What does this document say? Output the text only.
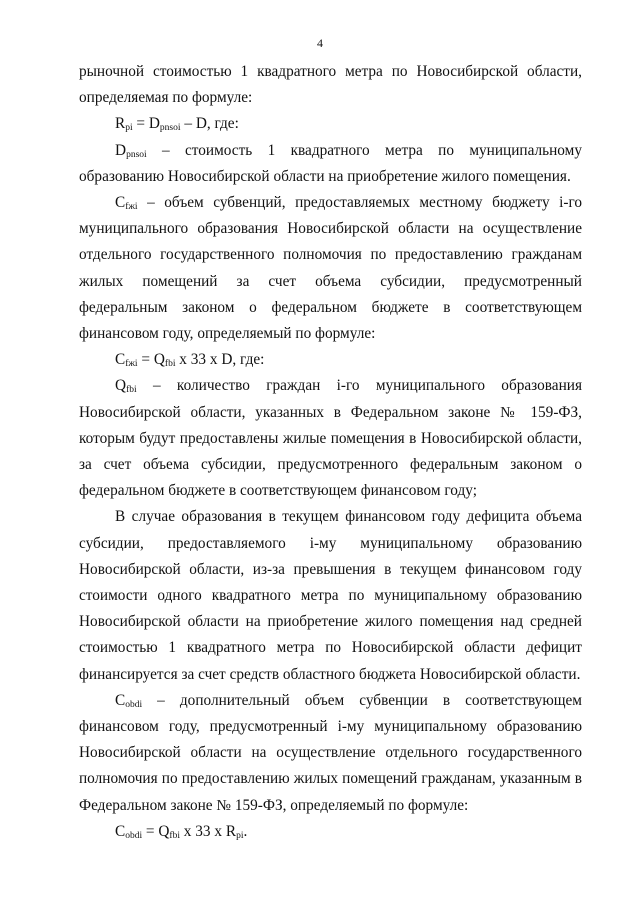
4

рыночной стоимостью 1 квадратного метра по Новосибирской области, определяемая по формуле:

$R_{pi} = D_{pnsoi} - D$, где:

$D_{pnsoi}$ – стоимость 1 квадратного метра по муниципальному образованию Новосибирской области на приобретение жилого помещения.

$C_{fжi}$ – объем субвенций, предоставляемых местному бюджету i-го муниципального образования Новосибирской области на осуществление отдельного государственного полномочия по предоставлению гражданам жилых помещений за счет объема субсидии, предусмотренный федеральным законом о федеральном бюджете в соответствующем финансовом году, определяемый по формуле:

$C_{fжi} = Q_{fbi}$ x 33 x D, где:

$Q_{fbi}$ – количество граждан i-го муниципального образования Новосибирской области, указанных в Федеральном законе № 159-ФЗ, которым будут предоставлены жилые помещения в Новосибирской области, за счет объема субсидии, предусмотренного федеральным законом о федеральном бюджете в соответствующем финансовом году;

В случае образования в текущем финансовом году дефицита объема субсидии, предоставляемого i-му муниципальному образованию Новосибирской области, из-за превышения в текущем финансовом году стоимости одного квадратного метра по муниципальному образованию Новосибирской области на приобретение жилого помещения над средней стоимостью 1 квадратного метра по Новосибирской области дефицит финансируется за счет средств областного бюджета Новосибирской области.

$C_{obdi}$ – дополнительный объем субвенции в соответствующем финансовом году, предусмотренный i-му муниципальному образованию Новосибирской области на осуществление отдельного государственного полномочия по предоставлению жилых помещений гражданам, указанным в Федеральном законе № 159-ФЗ, определяемый по формуле:

$C_{obdi} = Q_{fbi}$ x 33 x $R_{pi}$.
